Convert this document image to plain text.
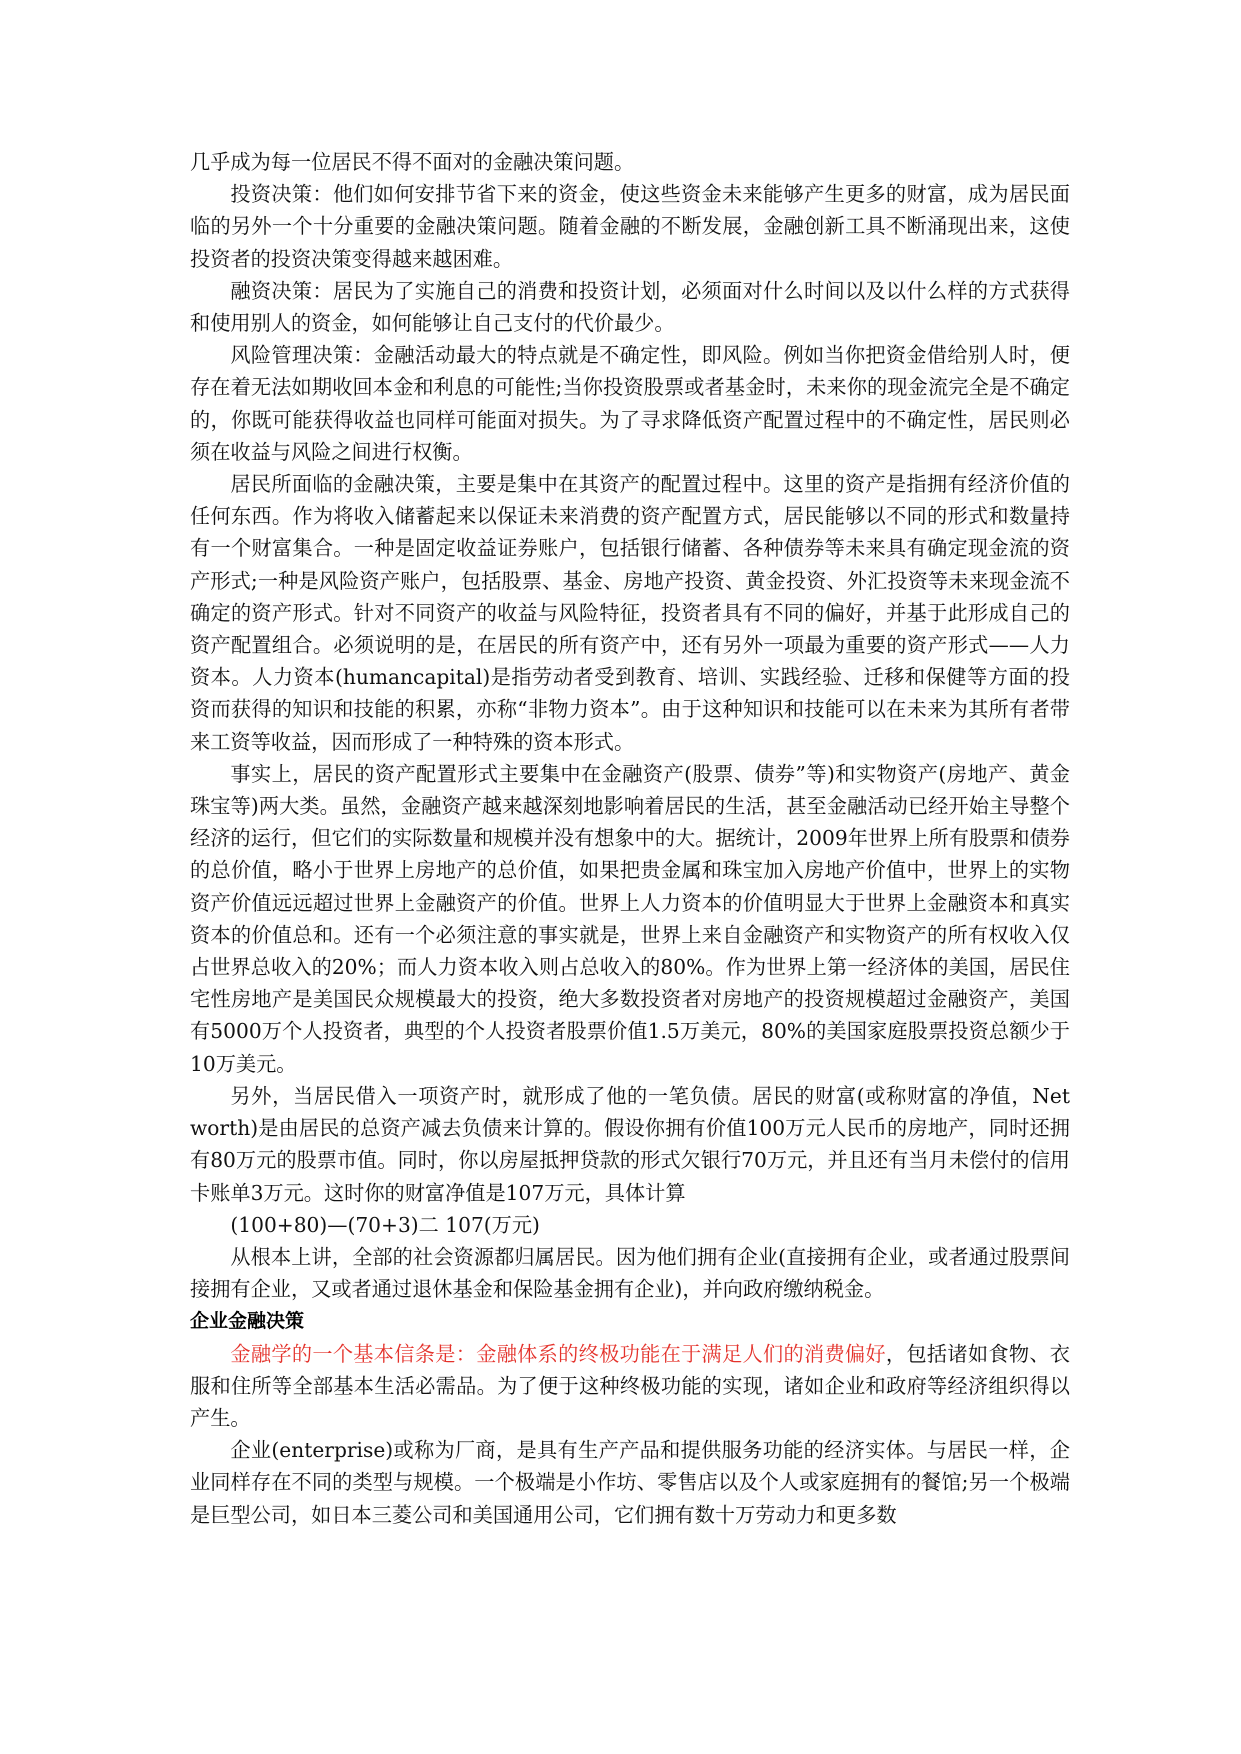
几乎成为每一位居民不得不面对的金融决策问题。

投资决策：他们如何安排节省下来的资金，使这些资金未来能够产生更多的财富，成为居民面临的另外一个十分重要的金融决策问题。随着金融的不断发展，金融创新工具不断涌现出来，这使投资者的投资决策变得越来越困难。

融资决策：居民为了实施自己的消费和投资计划，必须面对什么时间以及以什么样的方式获得和使用别人的资金，如何能够让自己支付的代价最少。

风险管理决策：金融活动最大的特点就是不确定性，即风险。例如当你把资金借给别人时，便存在着无法如期收回本金和利息的可能性;当你投资股票或者基金时，未来你的现金流完全是不确定的，你既可能获得收益也同样可能面对损失。为了寻求降低资产配置过程中的不确定性，居民则必须在收益与风险之间进行权衡。

居民所面临的金融决策，主要是集中在其资产的配置过程中。这里的资产是指拥有经济价值的任何东西。作为将收入储蓄起来以保证未来消费的资产配置方式，居民能够以不同的形式和数量持有一个财富集合。一种是固定收益证券账户，包括银行储蓄、各种债券等未来具有确定现金流的资产形式;一种是风险资产账户，包括股票、基金、房地产投资、黄金投资、外汇投资等未来现金流不确定的资产形式。针对不同资产的收益与风险特征，投资者具有不同的偏好，并基于此形成自己的资产配置组合。必须说明的是，在居民的所有资产中，还有另外一项最为重要的资产形式——人力资本。人力资本(humancapital)是指劳动者受到教育、培训、实践经验、迁移和保健等方面的投资而获得的知识和技能的积累，亦称“非物力资本”。由于这种知识和技能可以在未来为其所有者带来工资等收益，因而形成了一种特殊的资本形式。

事实上，居民的资产配置形式主要集中在金融资产(股票、债券”等)和实物资产(房地产、黄金珠宝等)两大类。虽然，金融资产越来越深刻地影响着居民的生活，甚至金融活动已经开始主导整个经济的运行，但它们的实际数量和规模并没有想象中的大。据统计，2009年世界上所有股票和债券的总价值，略小于世界上房地产的总价值，如果把贵金属和珠宝加入房地产价值中，世界上的实物资产价值远远超过世界上金融资产的价值。世界上人力资本的价值明显大于世界上金融资本和真实资本的价值总和。还有一个必须注意的事实就是，世界上来自金融资产和实物资产的所有权收入仅占世界总收入的20%；而人力资本收入则占总收入的80%。作为世界上第一经济体的美国，居民住宅性房地产是美国民众规模最大的投资，绝大多数投资者对房地产的投资规模超过金融资产，美国有5000万个人投资者，典型的个人投资者股票价值1.5万美元，80%的美国家庭股票投资总额少于10万美元。

另外，当居民借入一项资产时，就形成了他的一笔负债。居民的财富(或称财富的净值，Net worth)是由居民的总资产减去负债来计算的。假设你拥有价值100万元人民币的房地产，同时还拥有80万元的股票市值。同时，你以房屋抵押贷款的形式欠银行70万元，并且还有当月未偿付的信用卡账单3万元。这时你的财富净值是107万元，具体计算

(100+80)—(70+3)二 107(万元)

从根本上讲，全部的社会资源都归属居民。因为他们拥有企业(直接拥有企业，或者通过股票间接拥有企业，又或者通过退休基金和保险基金拥有企业)，并向政府缴纳税金。

企业金融决策

金融学的一个基本信条是：金融体系的终极功能在于满足人们的消费偏好，包括诸如食物、衣服和住所等全部基本生活必需品。为了便于这种终极功能的实现，诸如企业和政府等经济组织得以产生。

企业(enterprise)或称为厂商，是具有生产产品和提供服务功能的经济实体。与居民一样，企业同样存在不同的类型与规模。一个极端是小作坊、零售店以及个人或家庭拥有的餐馆;另一个极端是巨型公司，如日本三菱公司和美国通用公司，它们拥有数十万劳动力和更多数
